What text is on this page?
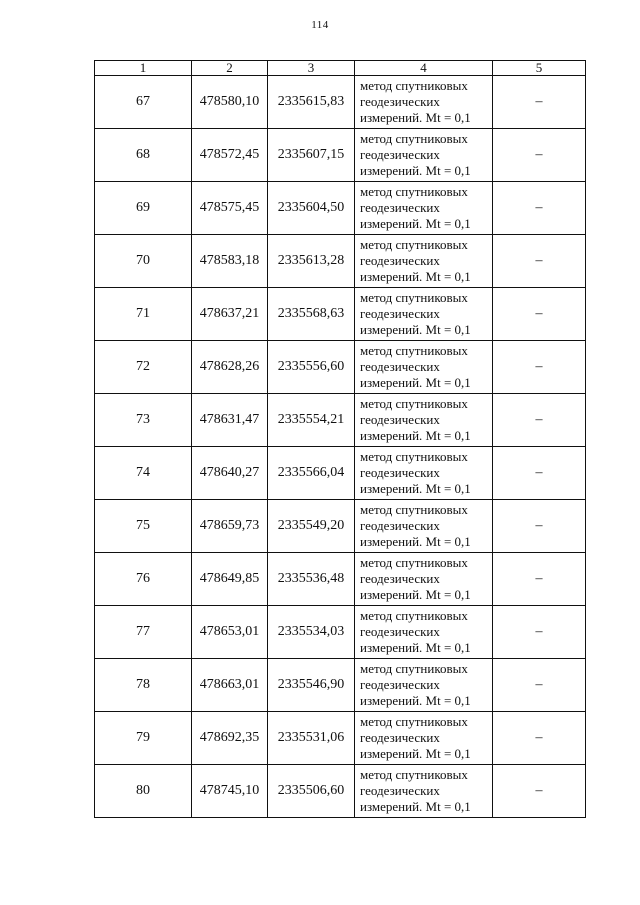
114
1	2	3	4	5
67	478580,10	2335615,83	метод спутниковых
геодезических
измерений. Mt = 0,1	–
68	478572,45	2335607,15	метод спутниковых
геодезических
измерений. Mt = 0,1	–
69	478575,45	2335604,50	метод спутниковых
геодезических
измерений. Mt = 0,1	–
70	478583,18	2335613,28	метод спутниковых
геодезических
измерений. Mt = 0,1	–
71	478637,21	2335568,63	метод спутниковых
геодезических
измерений. Mt = 0,1	–
72	478628,26	2335556,60	метод спутниковых
геодезических
измерений. Mt = 0,1	–
73	478631,47	2335554,21	метод спутниковых
геодезических
измерений. Mt = 0,1	–
74	478640,27	2335566,04	метод спутниковых
геодезических
измерений. Mt = 0,1	–
75	478659,73	2335549,20	метод спутниковых
геодезических
измерений. Mt = 0,1	–
76	478649,85	2335536,48	метод спутниковых
геодезических
измерений. Mt = 0,1	–
77	478653,01	2335534,03	метод спутниковых
геодезических
измерений. Mt = 0,1	–
78	478663,01	2335546,90	метод спутниковых
геодезических
измерений. Mt = 0,1	–
79	478692,35	2335531,06	метод спутниковых
геодезических
измерений. Mt = 0,1	–
80	478745,10	2335506,60	метод спутниковых
геодезических
измерений. Mt = 0,1	–
